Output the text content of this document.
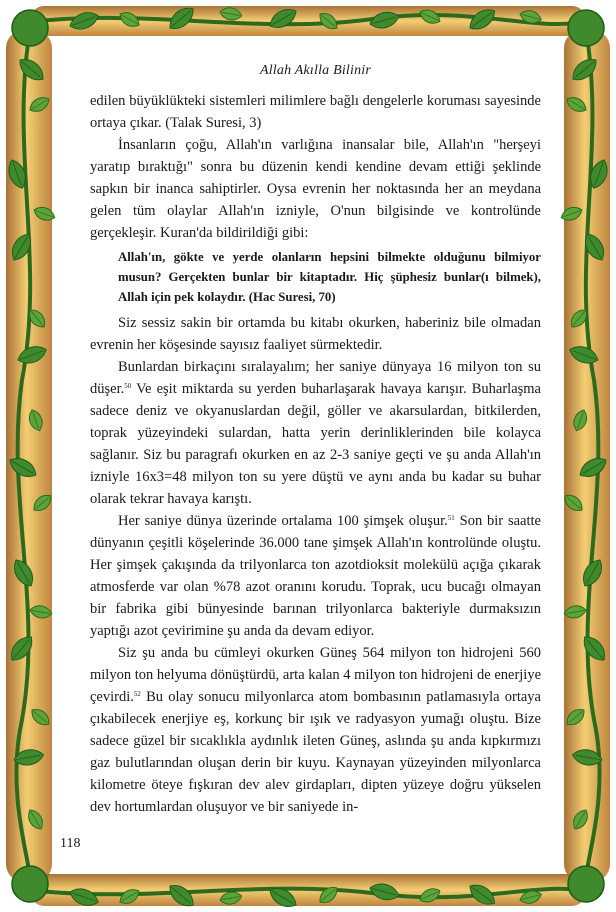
Allah Akılla Bilinir

edilen büyüklükteki sistemleri milimlere bağlı dengelerle koruması sayesinde ortaya çıkar. (Talak Suresi, 3)

İnsanların çoğu, Allah'ın varlığına inansalar bile, Allah'ın "herşeyi yaratıp bıraktığı" sonra bu düzenin kendi kendine devam ettiği şeklinde sapkın bir inanca sahiptirler. Oysa evrenin her noktasında her an meydana gelen tüm olaylar Allah'ın izniyle, O'nun bilgisinde ve kontrolünde gerçekleşir. Kuran'da bildirildiği gibi:

Allah'ın, gökte ve yerde olanların hepsini bilmekte olduğunu bilmiyor musun? Gerçekten bunlar bir kitaptadır. Hiç şüphesiz bunlar(ı bilmek), Allah için pek kolaydır. (Hac Suresi, 70)

Siz sessiz sakin bir ortamda bu kitabı okurken, haberiniz bile olmadan evrenin her köşesinde sayısız faaliyet sürmektedir.

Bunlardan birkaçını sıralayalım; her saniye dünyaya 16 milyon ton su düşer.$^{50}$ Ve eşit miktarda su yerden buharlaşarak havaya karışır. Buharlaşma sadece deniz ve okyanuslardan değil, göller ve akarsulardan, bitkilerden, toprak yüzeyindeki sulardan, hatta yerin derinliklerinden bile kolayca sağlanır. Siz bu paragrafı okurken en az 2-3 saniye geçti ve şu anda Allah'ın izniyle 16x3=48 milyon ton su yere düştü ve aynı anda bu kadar su buhar olarak tekrar havaya karıştı.

Her saniye dünya üzerinde ortalama 100 şimşek oluşur.$^{51}$ Son bir saatte dünyanın çeşitli köşelerinde 36.000 tane şimşek Allah'ın kontrolünde oluştu. Her şimşek çakışında da trilyonlarca ton azotdioksit molekülü açığa çıkarak atmosferde var olan %78 azot oranını korudu. Toprak, ucu bucağı olmayan bir fabrika gibi bünyesinde barınan trilyonlarca bakteriyle durmaksızın yaptığı azot çevirimine şu anda da devam ediyor.

Siz şu anda bu cümleyi okurken Güneş 564 milyon ton hidrojeni 560 milyon ton helyuma dönüştürdü, arta kalan 4 milyon ton hidrojeni de enerjiye çevirdi.$^{52}$ Bu olay sonucu milyonlarca atom bombasının patlamasıyla ortaya çıkabilecek enerjiye eş, korkunç bir ışık ve radyasyon yumağı oluştu. Bize sadece güzel bir sıcaklıkla aydınlık ileten Güneş, aslında şu anda kıpkırmızı gaz bulutlarından oluşan derin bir kuyu. Kaynayan yüzeyinden milyonlarca kilometre öteye fışkıran dev alev girdapları, dipten yüzeye doğru yükselen dev hortumlardan oluşuyor ve bir saniyede in-

118
